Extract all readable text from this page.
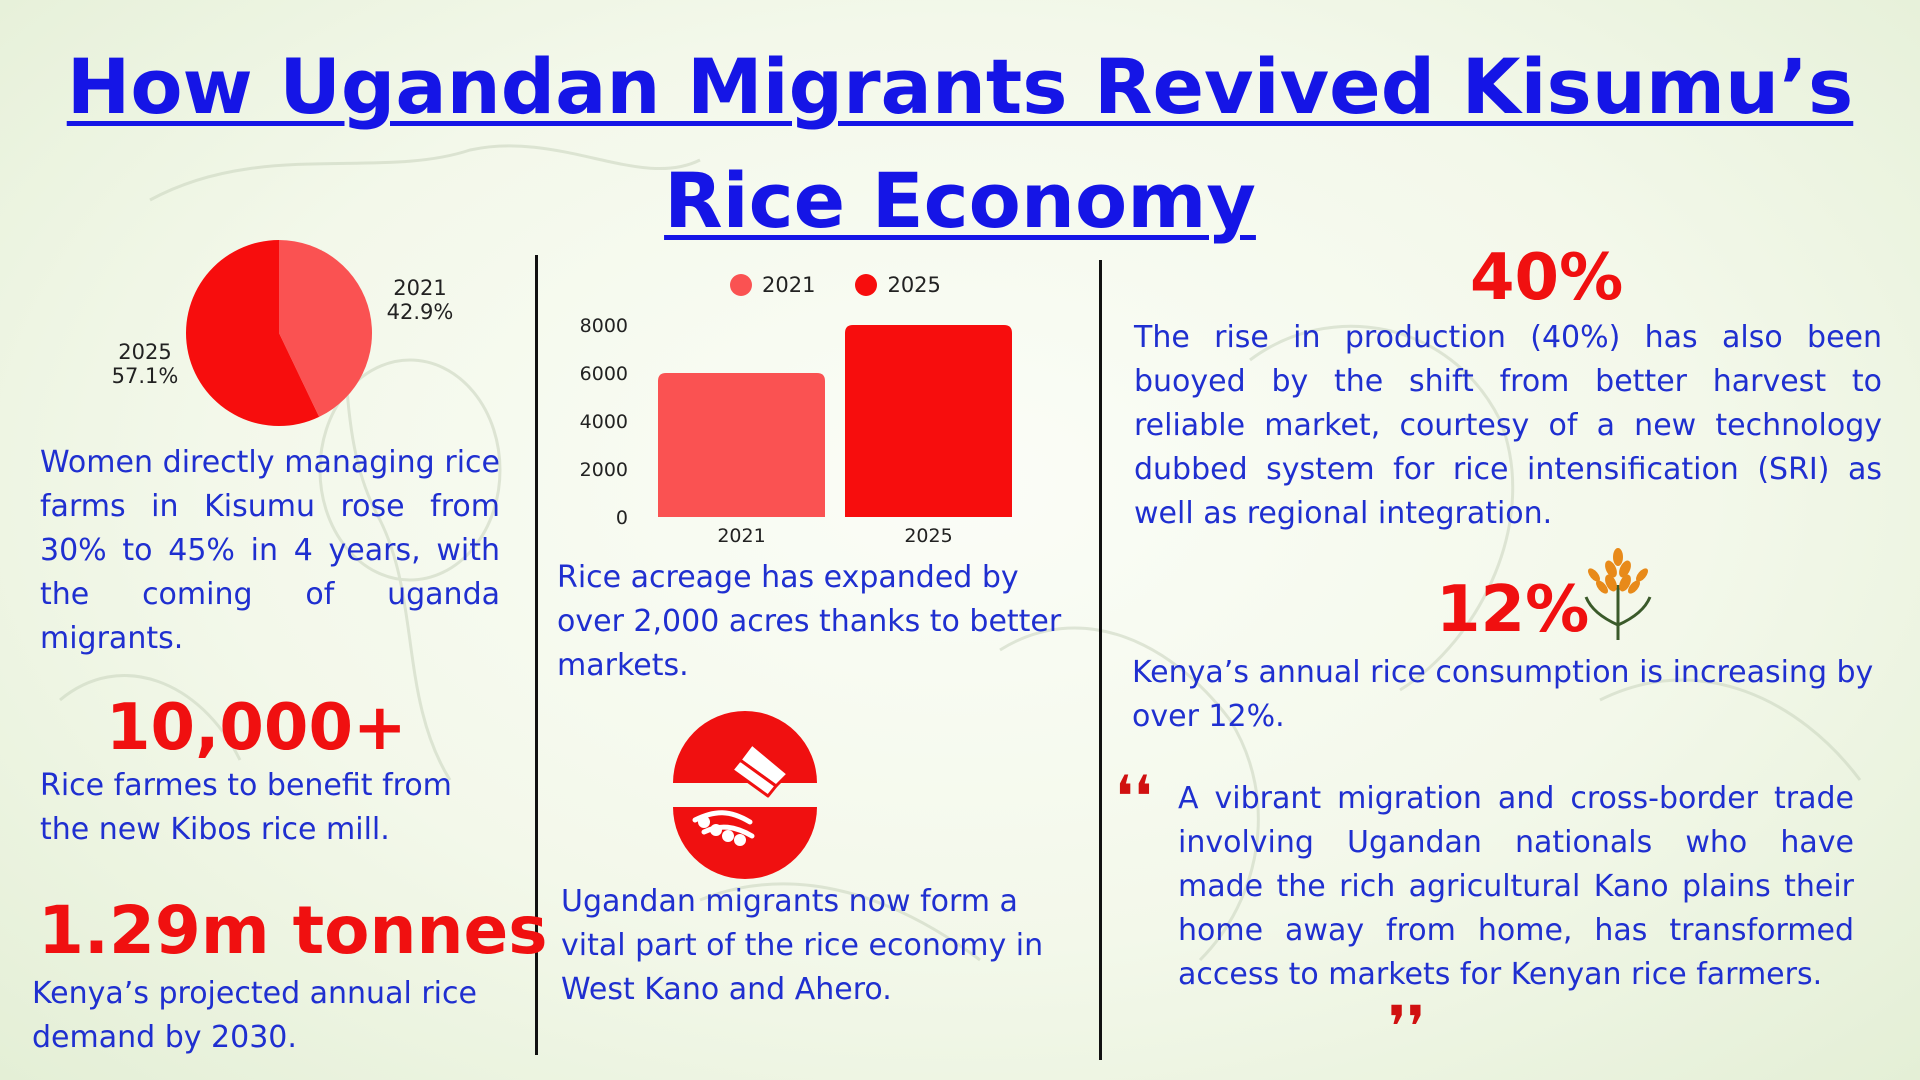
How Ugandan Migrants Revived Kisumu’s
Rice Economy
2021
42.9%
2025
57.1%
Women directly managing rice farms in Kisumu rose from 30% to 45% in 4 years, with the coming of uganda migrants.
10,000+
Rice farmes to benefit from the new Kibos rice mill.
1.29m tonnes
Kenya’s projected annual rice demand by 2030.
2021	2025
0
2000
4000
6000
8000
2021	2025
Rice acreage has expanded by over 2,000 acres thanks to better markets.
Ugandan migrants now form a vital part of the rice economy in West Kano and Ahero.
40%
The rise in production (40%) has also been buoyed by the shift from better harvest to reliable market, courtesy of a new technology dubbed system for rice intensification (SRI) as well as regional integration.
12%
Kenya’s annual rice consumption is increasing by over 12%.
❛❛ A vibrant migration and cross-border trade involving Ugandan nationals who have made the rich agricultural Kano plains their home away from home, has transformed access to markets for Kenyan rice farmers.
❜❜
